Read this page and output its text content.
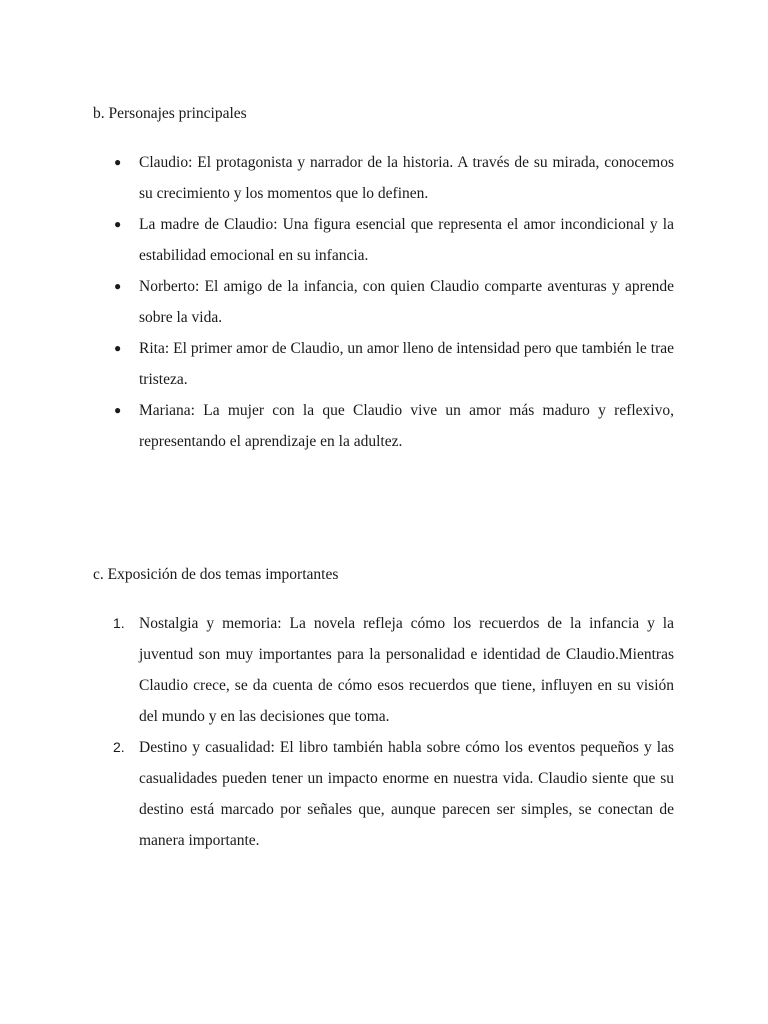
b. Personajes principales
● Claudio: El protagonista y narrador de la historia. A través de su mirada, conocemos su crecimiento y los momentos que lo definen.
● La madre de Claudio: Una figura esencial que representa el amor incondicional y la estabilidad emocional en su infancia.
● Norberto: El amigo de la infancia, con quien Claudio comparte aventuras y aprende sobre la vida.
● Rita: El primer amor de Claudio, un amor lleno de intensidad pero que también le trae tristeza.
● Mariana: La mujer con la que Claudio vive un amor más maduro y reflexivo, representando el aprendizaje en la adultez.
c. Exposición de dos temas importantes
1. Nostalgia y memoria: La novela refleja cómo los recuerdos de la infancia y la juventud son muy importantes para la personalidad e identidad de Claudio.Mientras Claudio crece, se da cuenta de cómo esos recuerdos que tiene, influyen en su visión del mundo y en las decisiones que toma.
2. Destino y casualidad: El libro también habla sobre cómo los eventos pequeños y las casualidades pueden tener un impacto enorme en nuestra vida. Claudio siente que su destino está marcado por señales que, aunque parecen ser simples, se conectan de manera importante.
